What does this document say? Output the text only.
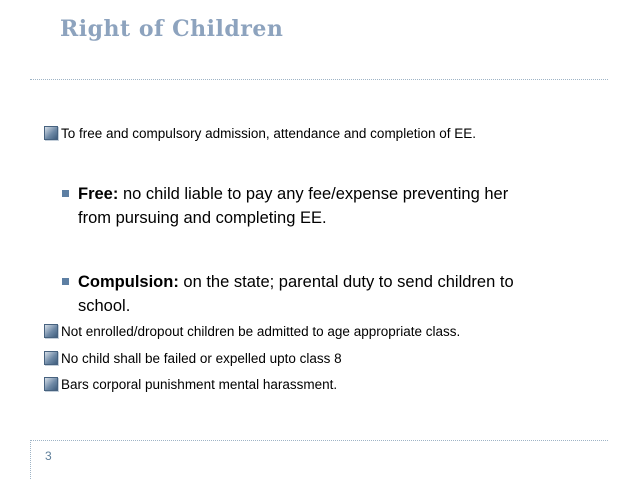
Right of Children
To free and compulsory admission, attendance and completion of EE.
Free: no child liable to pay any fee/expense preventing her
from pursuing and completing EE.
Compulsion: on the state; parental duty to send children to
school.
Not enrolled/dropout children be admitted to age appropriate class.
No child shall be failed or expelled upto class 8
Bars corporal punishment mental harassment.
3
